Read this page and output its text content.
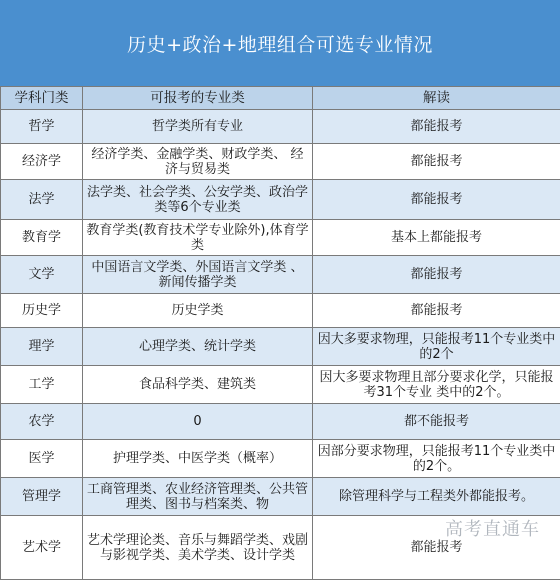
历史+政治+地理组合可选专业情况
学科门类	可报考的专业类	解读
哲学	哲学类所有专业	都能报考
经济学	经济学类、金融学类、财政学类、 经济与贸易类	都能报考
法学	法学类、社会学类、公安学类、政治学类等6个专业类	都能报考
教育学	教育学类(教育技术学专业除外),体育学类	基本上都能报考
文学	中国语言文学类、外国语言文学类 、新闻传播学类	都能报考
历史学	历史学类	都能报考
理学	心理学类、统计学类	因大多要求物理，只能报考11个专业类中的2个
工学	食品科学类、建筑类	因大多要求物理且部分要求化学，只能报考31个专业 类中的2个。
农学	0	都不能报考
医学	护理学类、中医学类（概率）	因部分要求物理，只能报考11个专业类中的2个。
管理学	工商管理类、农业经济管理类、公共管理类、图书与档案类、物	除管理科学与工程类外都能报考。
艺术学	艺术学理论类、音乐与舞蹈学类、戏剧与影视学类、美术学类、设计学类	都能报考
高考直通车
